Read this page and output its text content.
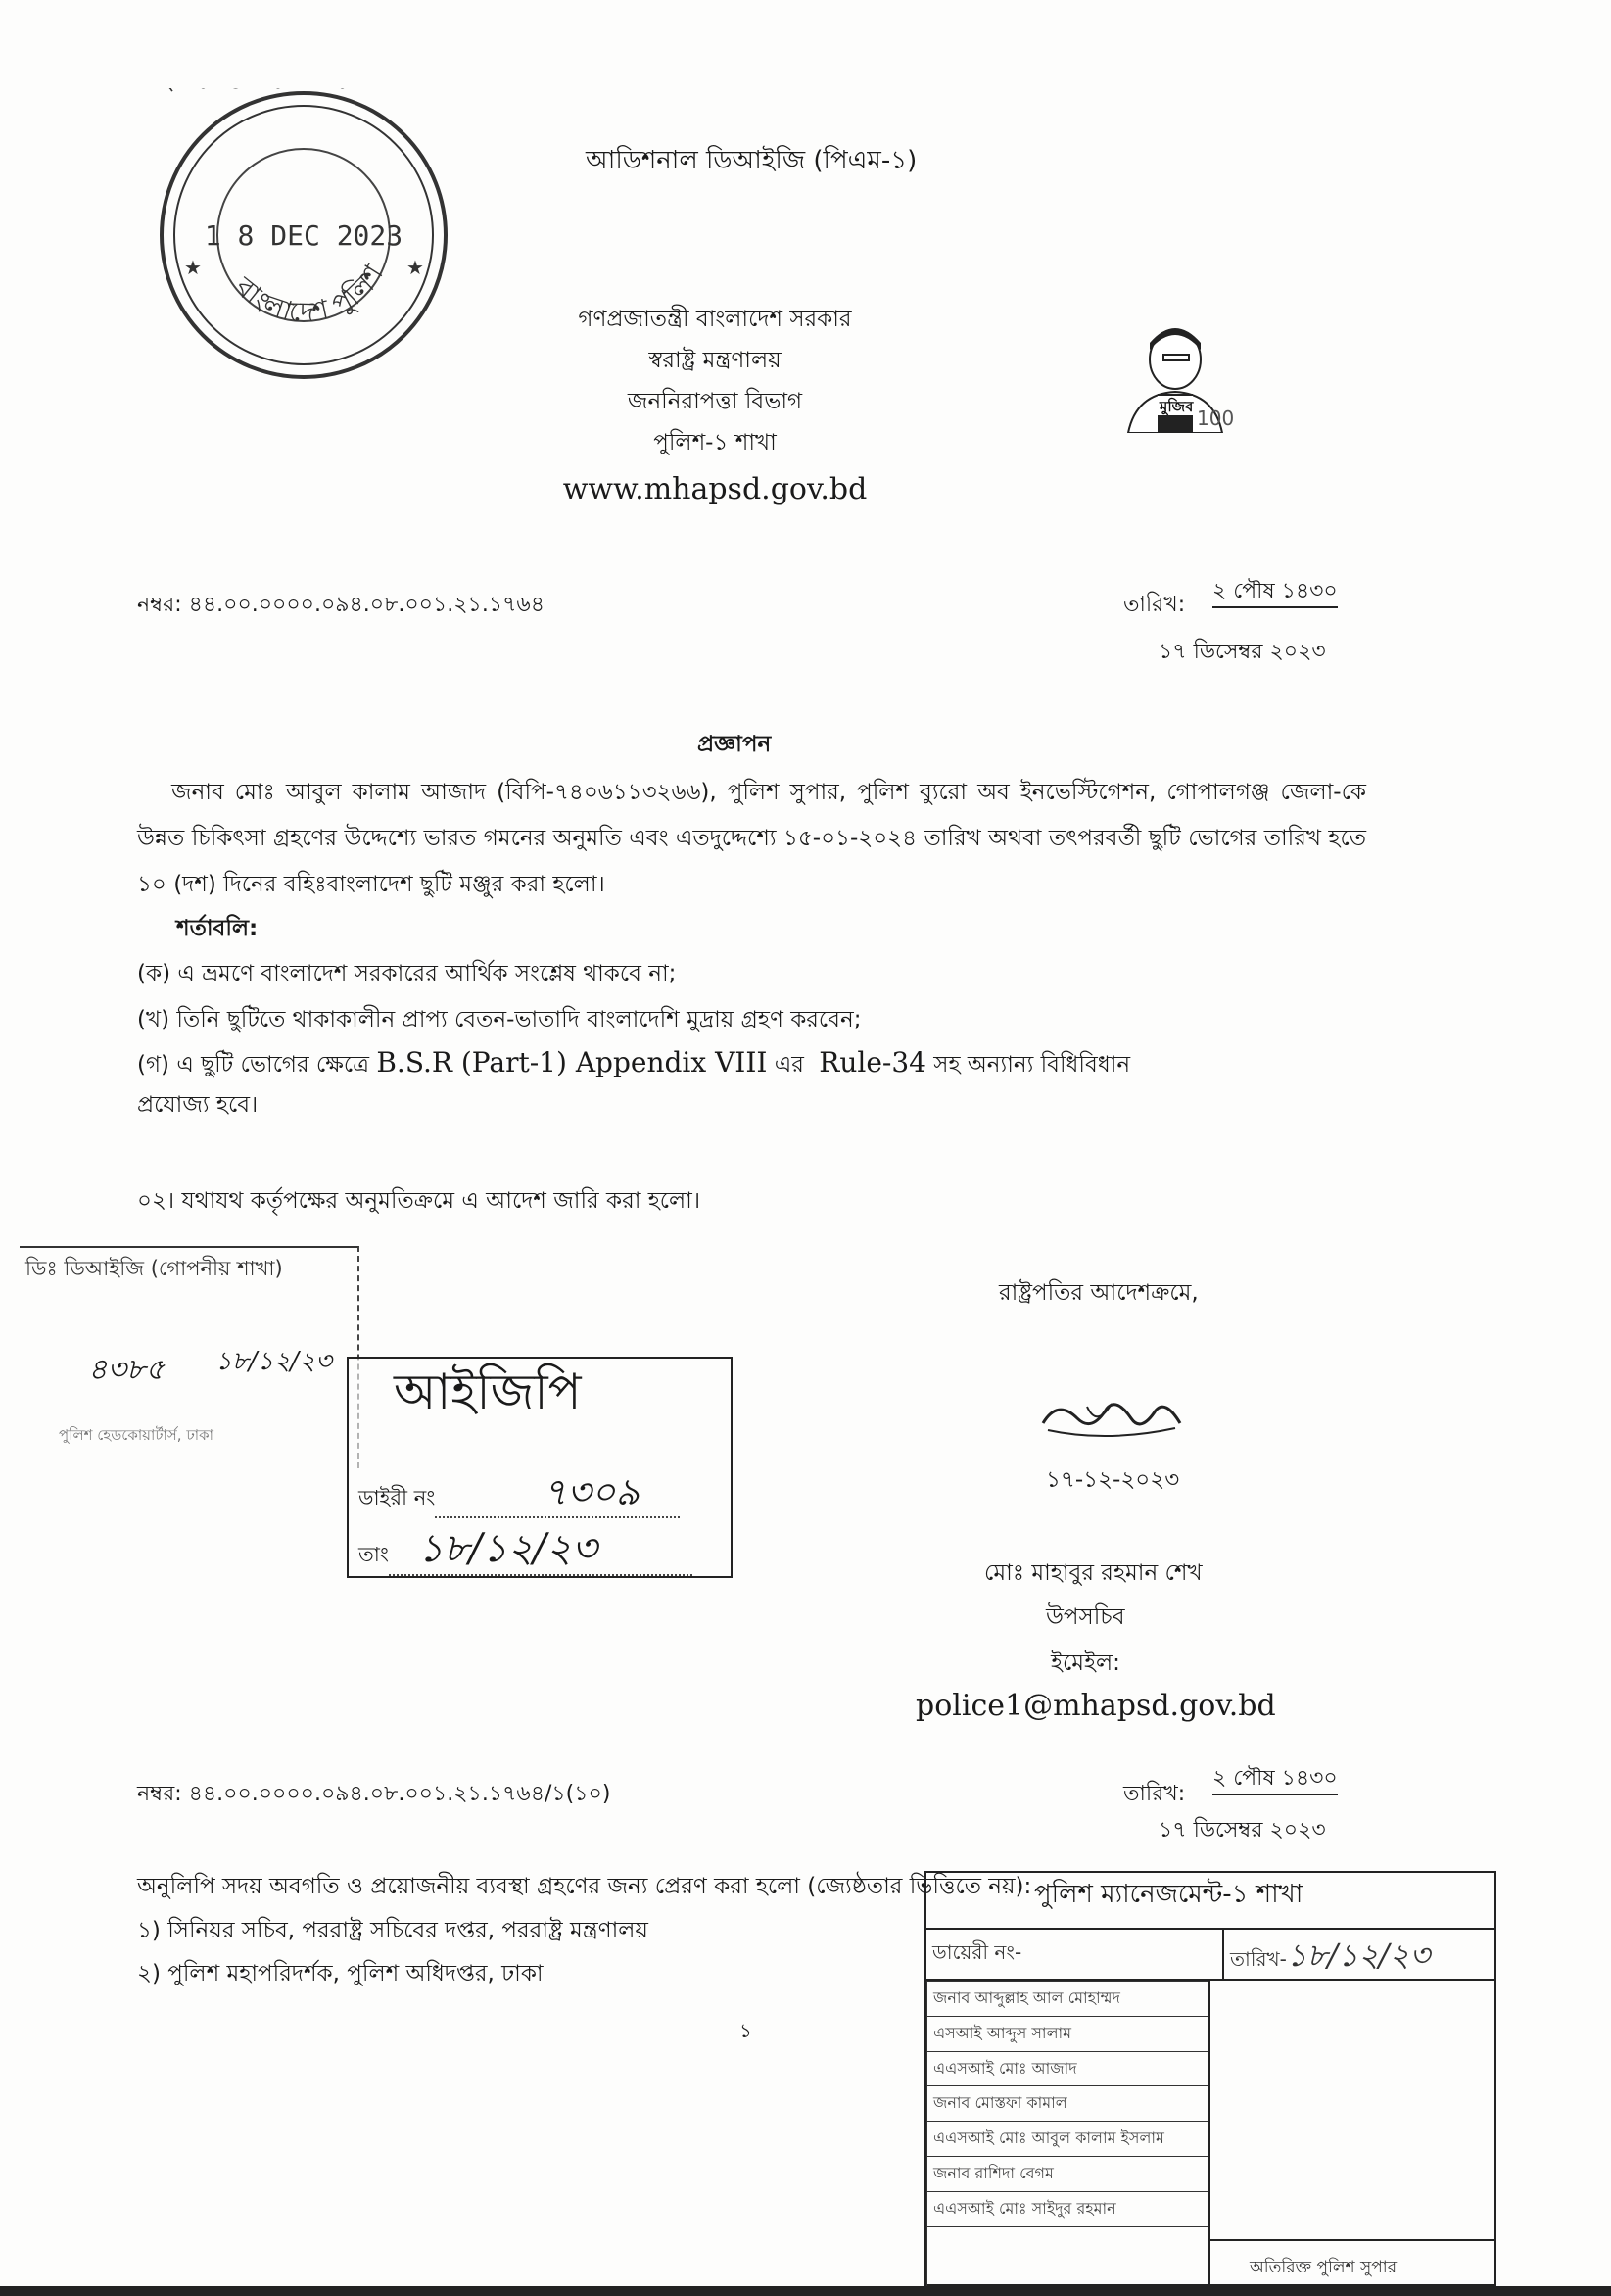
আডিশনাল ডিআইজি (পিএম-১)
বাংলাদেশ পুলিশ
1 8 DEC 2023
★	★
গণপ্রজাতন্ত্রী বাংলাদেশ সরকার
স্বরাষ্ট্র মন্ত্রণালয়
জননিরাপত্তা বিভাগ
পুলিশ-১ শাখা
www.mhapsd.gov.bd
মুজিব 100
নম্বর: ৪৪.০০.০০০০.০৯৪.০৮.০০১.২১.১৭৬৪	তারিখ:
২ পৌষ ১৪৩০
১৭ ডিসেম্বর ২০২৩
প্রজ্ঞাপন
জনাব মোঃ আবুল কালাম আজাদ (বিপি-৭৪০৬১১৩২৬৬), পুলিশ সুপার, পুলিশ ব্যুরো অব ইনভেস্টিগেশন, গোপালগঞ্জ জেলা-কে উন্নত চিকিৎসা গ্রহণের উদ্দেশ্যে ভারত গমনের অনুমতি এবং এতদুদ্দেশ্যে ১৫-০১-২০২৪ তারিখ অথবা তৎপরবর্তী ছুটি ভোগের তারিখ হতে ১০ (দশ) দিনের বহিঃবাংলাদেশ ছুটি মঞ্জুর করা হলো।
শর্তাবলি:
(ক) এ ভ্রমণে বাংলাদেশ সরকারের আর্থিক সংশ্লেষ থাকবে না;
(খ) তিনি ছুটিতে থাকাকালীন প্রাপ্য বেতন-ভাতাদি বাংলাদেশি মুদ্রায় গ্রহণ করবেন;
(গ) এ ছুটি ভোগের ক্ষেত্রে B.S.R (Part-1) Appendix VIII এর Rule-34 সহ অন্যান্য বিধিবিধান
প্রযোজ্য হবে।
০২। যথাযথ কর্তৃপক্ষের অনুমতিক্রমে এ আদেশ জারি করা হলো।
রাষ্ট্রপতির আদেশক্রমে,
১৭-১২-২০২৩
মোঃ মাহাবুর রহমান শেখ
উপসচিব
ইমেইল:
police1@mhapsd.gov.bd
নম্বর: ৪৪.০০.০০০০.০৯৪.০৮.০০১.২১.১৭৬৪/১(১০)	তারিখ:
২ পৌষ ১৪৩০
১৭ ডিসেম্বর ২০২৩
অনুলিপি সদয় অবগতি ও প্রয়োজনীয় ব্যবস্থা গ্রহণের জন্য প্রেরণ করা হলো (জ্যেষ্ঠতার ভিত্তিতে নয়):
১) সিনিয়র সচিব, পররাষ্ট্র সচিবের দপ্তর, পররাষ্ট্র মন্ত্রণালয়
২) পুলিশ মহাপরিদর্শক, পুলিশ অধিদপ্তর, ঢাকা
১
ডিঃ ডিআইজি (গোপনীয় শাখা)
৪৩৮৫ ১৮/১২/২৩
পুলিশ হেডকোয়ার্টার্স, ঢাকা
আইজিপি
ডাইরী নং	৭৩০৯
তাং ১৮/১২/২৩
পুলিশ ম্যানেজমেন্ট-১ শাখা
ডায়েরী নং-	তারিখ-১৮/১২/২৩
জনাব আব্দুল্লাহ আল মোহাম্মদ
এসআই আব্দুস সালাম
এএসআই মোঃ আজাদ
জনাব মোস্তফা কামাল
এএসআই মোঃ আবুল কালাম ইসলাম
জনাব রাশিদা বেগম
এএসআই মোঃ সাইদুর রহমান

অতিরিক্ত পুলিশ সুপার
